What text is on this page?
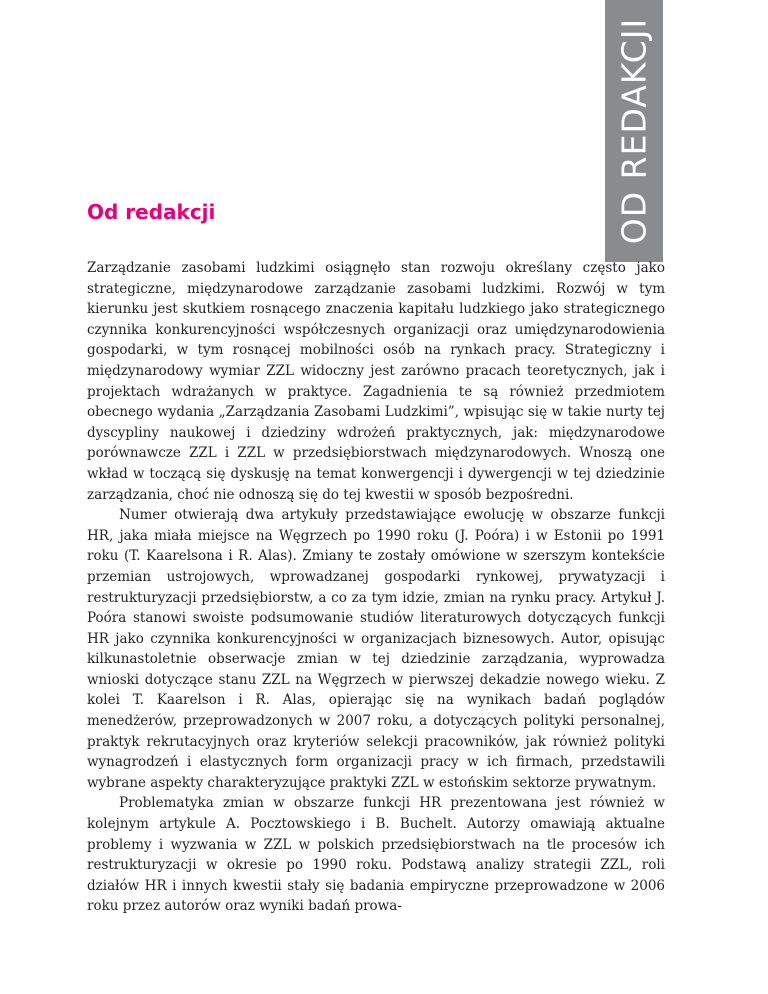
OD REDAKCJI
Od redakcji

Zarządzanie zasobami ludzkimi osiągnęło stan rozwoju określany często jako strategiczne, międzynarodowe zarządzanie zasobami ludzkimi. Rozwój w tym kierunku jest skutkiem rosnącego znaczenia kapitału ludzkiego jako strategicznego czynnika konkurencyjności współczesnych organizacji oraz umiędzynarodowienia gospodarki, w tym rosnącej mobilności osób na rynkach pracy. Strategiczny i międzynarodowy wymiar ZZL widoczny jest zarówno pracach teoretycznych, jak i projektach wdrażanych w praktyce. Zagadnienia te są również przedmiotem obecnego wydania „Zarządzania Zasobami Ludzkimi”, wpisując się w takie nurty tej dyscypliny naukowej i dziedziny wdrożeń praktycznych, jak: międzynarodowe porównawcze ZZL i ZZL w przedsiębiorstwach międzynarodowych. Wnoszą one wkład w toczącą się dyskusję na temat konwergencji i dywergencji w tej dziedzinie zarządzania, choć nie odnoszą się do tej kwestii w sposób bezpośredni.

Numer otwierają dwa artykuły przedstawiające ewolucję w obszarze funkcji HR, jaka miała miejsce na Węgrzech po 1990 roku (J. Poóra) i w Estonii po 1991 roku (T. Kaarelsona i R. Alas). Zmiany te zostały omówione w szerszym kontekście przemian ustrojowych, wprowadzanej gospodarki rynkowej, prywatyzacji i restrukturyzacji przedsiębiorstw, a co za tym idzie, zmian na rynku pracy. Artykuł J. Poóra stanowi swoiste podsumowanie studiów literaturowych dotyczących funkcji HR jako czynnika konkurencyjności w organizacjach biznesowych. Autor, opisując kilkunastoletnie obserwacje zmian w tej dziedzinie zarządzania, wyprowadza wnioski dotyczące stanu ZZL na Węgrzech w pierwszej dekadzie nowego wieku. Z kolei T. Kaarelson i R. Alas, opierając się na wynikach badań poglądów menedżerów, przeprowadzonych w 2007 roku, a dotyczących polityki personalnej, praktyk rekrutacyjnych oraz kryteriów selekcji pracowników, jak również polityki wynagrodzeń i elastycznych form organizacji pracy w ich firmach, przedstawili wybrane aspekty charakteryzujące praktyki ZZL w estońskim sektorze prywatnym.

Problematyka zmian w obszarze funkcji HR prezentowana jest również w kolejnym artykule A. Pocztowskiego i B. Buchelt. Autorzy omawiają aktualne problemy i wyzwania w ZZL w polskich przedsiębiorstwach na tle procesów ich restrukturyzacji w okresie po 1990 roku. Podstawą analizy strategii ZZL, roli działów HR i innych kwestii stały się badania empiryczne przeprowadzone w 2006 roku przez autorów oraz wyniki badań prowa-
